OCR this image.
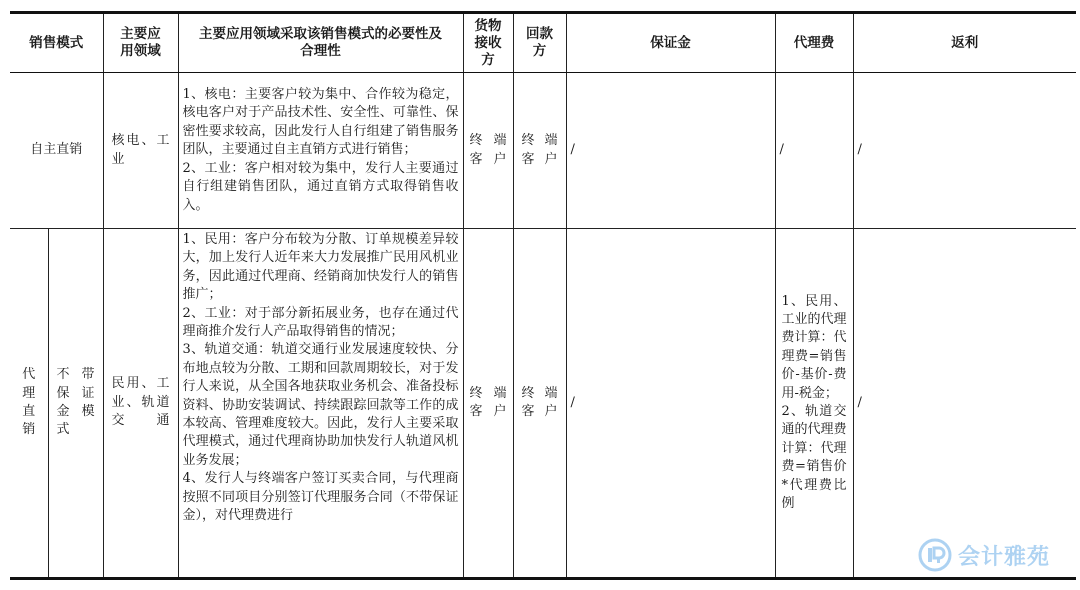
销售模式		主要应用领域	主要应用领域采取该销售模式的必要性及合理性	货物接收方	回款方	保证金	代理费	返利
自主直销		核电、工业	1、核电：主要客户较为集中、合作较为稳定，核电客户对于产品技术性、安全性、可靠性、保密性要求较高，因此发行人自行组建了销售服务团队，主要通过自主直销方式进行销售；
2、工业：客户相对较为集中，发行人主要通过自行组建销售团队，通过直销方式取得销售收入。	终端客户	终端客户	/	/	/
代理直销	不带保证金模式	民用、工业、轨道交通	1、民用：客户分布较为分散、订单规模差异较大，加上发行人近年来大力发展推广民用风机业务，因此通过代理商、经销商加快发行人的销售推广；
2、工业：对于部分新拓展业务，也存在通过代理商推介发行人产品取得销售的情况；
3、轨道交通：轨道交通行业发展速度较快、分布地点较为分散、工期和回款周期较长，对于发行人来说，从全国各地获取业务机会、准备投标资料、协助安装调试、持续跟踪回款等工作的成本较高、管理难度较大。因此，发行人主要采取代理模式，通过代理商协助加快发行人轨道风机业务发展；
4、发行人与终端客户签订买卖合同，与代理商按照不同项目分别签订代理服务合同（不带保证金），对代理费进行	终端客户	终端客户	/	1、民用、工业的代理费计算：代理费=销售价-基价-费用-税金；
2、轨道交通的代理费计算：代理费=销售价*代理费比例	/
会计雅苑
